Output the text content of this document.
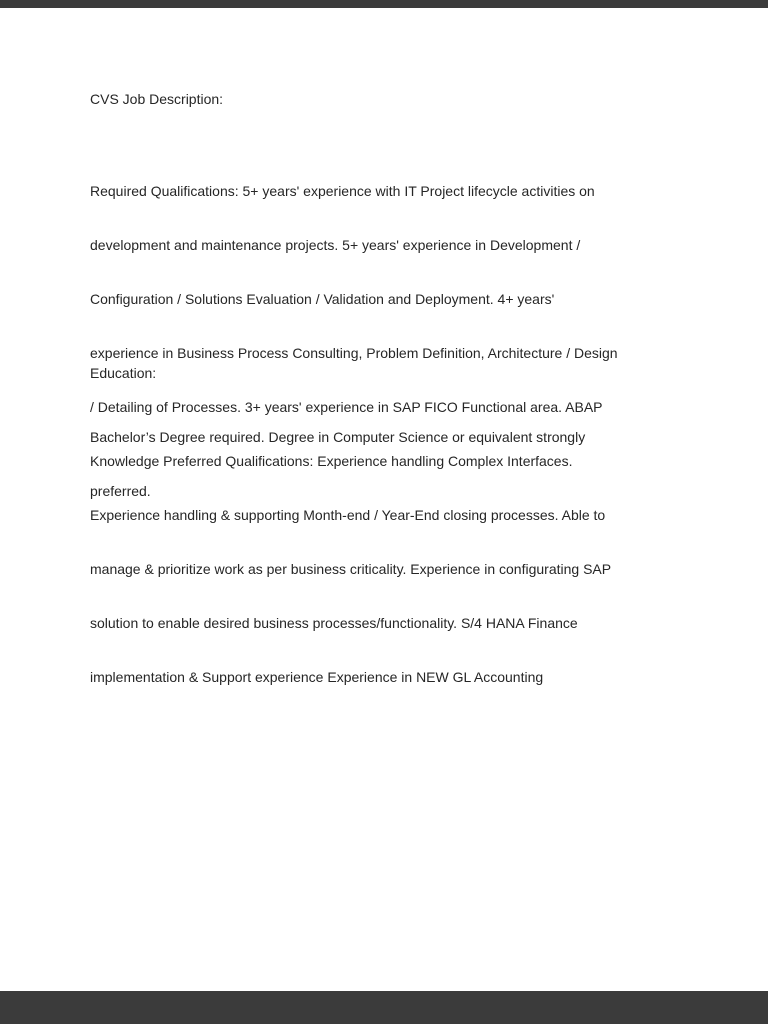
CVS Job Description:

Required Qualifications: 5+ years' experience with IT Project lifecycle activities on

development and maintenance projects. 5+ years' experience in Development /

Configuration / Solutions Evaluation / Validation and Deployment. 4+ years'

experience in Business Process Consulting, Problem Definition, Architecture / Design

/ Detailing of Processes. 3+ years' experience in SAP FICO Functional area. ABAP

Knowledge Preferred Qualifications: Experience handling Complex Interfaces.

Experience handling & supporting Month-end / Year-End closing processes. Able to

manage & prioritize work as per business criticality. Experience in configurating SAP

solution to enable desired business processes/functionality. S/4 HANA Finance

implementation & Support experience Experience in NEW GL Accounting

Education:

Bachelor’s Degree required. Degree in Computer Science or equivalent strongly

preferred.
